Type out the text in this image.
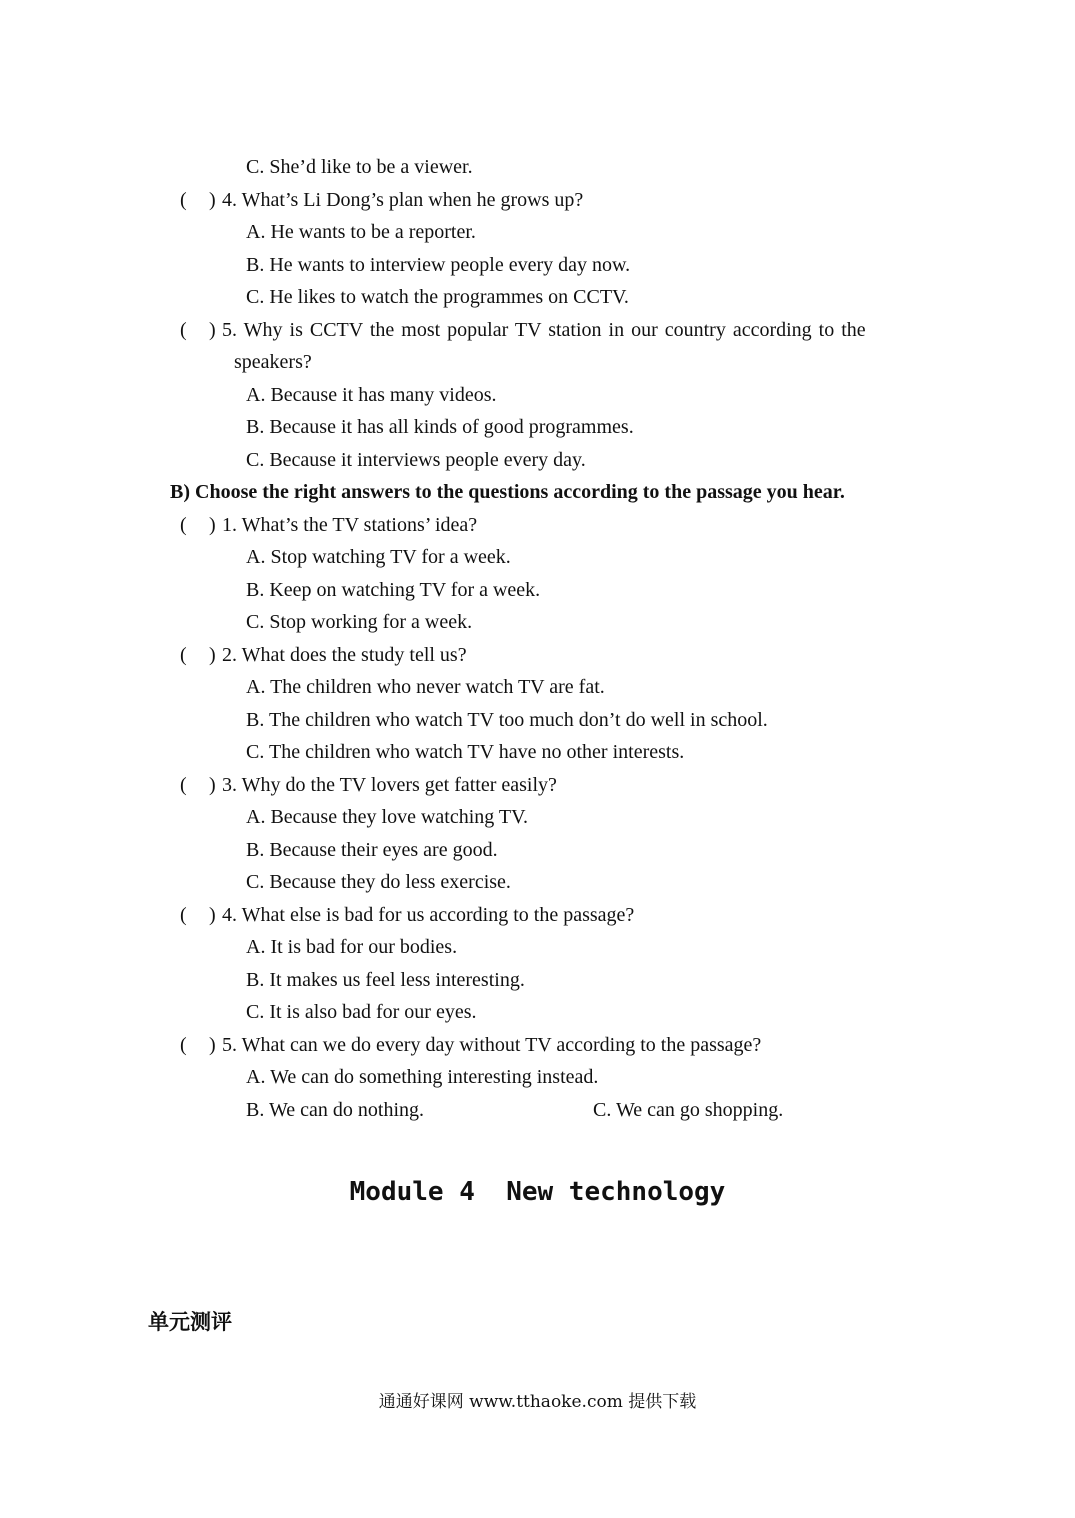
C. She’d like to be a viewer.
( ) 4. What’s Li Dong’s plan when he grows up?
A. He wants to be a reporter.
B. He wants to interview people every day now.
C. He likes to watch the programmes on CCTV.
( ) 5. Why is CCTV the most popular TV station in our country according to the
speakers?
A. Because it has many videos.
B. Because it has all kinds of good programmes.
C. Because it interviews people every day.
B) Choose the right answers to the questions according to the passage you hear.
( ) 1. What’s the TV stations’ idea?
A. Stop watching TV for a week.
B. Keep on watching TV for a week.
C. Stop working for a week.
( ) 2. What does the study tell us?
A. The children who never watch TV are fat.
B. The children who watch TV too much don’t do well in school.
C. The children who watch TV have no other interests.
( ) 3. Why do the TV lovers get fatter easily?
A. Because they love watching TV.
B. Because their eyes are good.
C. Because they do less exercise.
( ) 4. What else is bad for us according to the passage?
A. It is bad for our bodies.
B. It makes us feel less interesting.
C. It is also bad for our eyes.
( ) 5. What can we do every day without TV according to the passage?
A. We can do something interesting instead.
B. We can do nothing.	C. We can go shopping.
Module 4  New technology
单元测评
通通好课网 www.tthaoke.com 提供下载
